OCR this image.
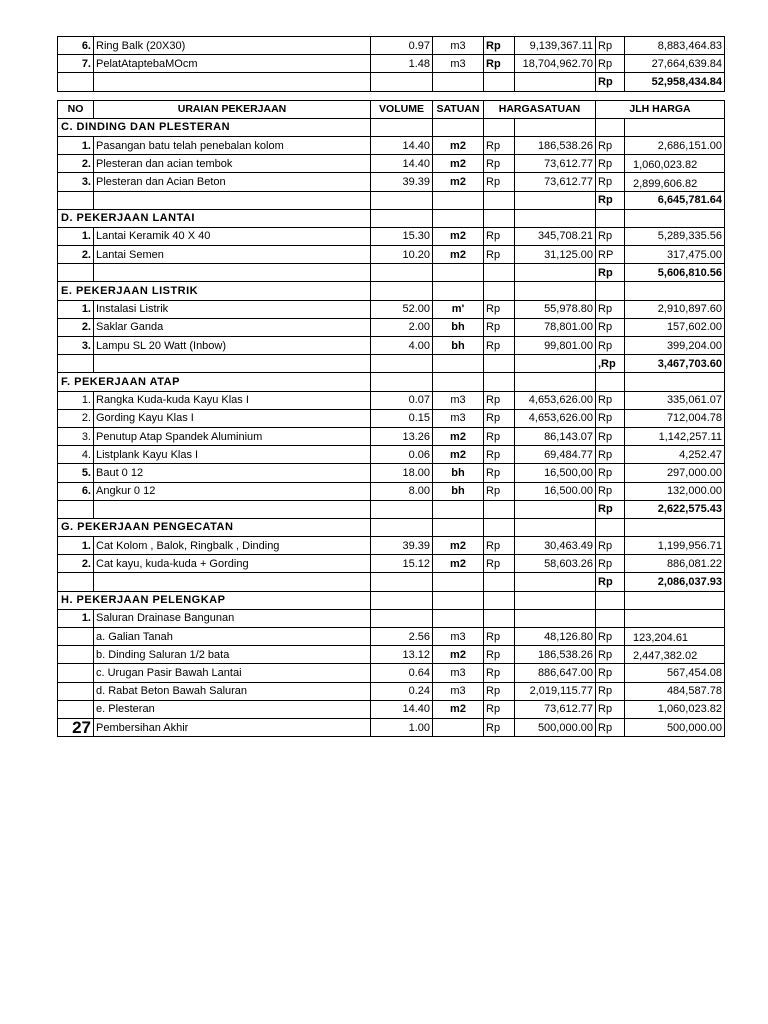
6.	Ring Balk (20X30)	0.97	m3	Rp	9,139,367.11	Rp	8,883,464.83
7.	PelatAtaptebaMOcm	1.48	m3	Rp	18,704,962.70	Rp	27,664,639.84
						Rp	52,958,434.84

NO	URAIAN PEKERJAAN	VOLUME	SATUAN	HARGASATUAN		JLH HARGA	
C. DINDING DAN PLESTERAN							
1.	Pasangan batu telah penebalan kolom	14.40	m2	Rp	186,538.26	Rp	2,686,151.00
2.	Plesteran dan acian tembok	14.40	m2	Rp	73,612.77	Rp	1,060,023.82
3.	Plesteran dan Acian Beton	39.39	m2	Rp	73,612.77	Rp	2,899,606.82
						Rp	6,645,781.64
D. PEKERJAAN LANTAI							
1.	Lantai Keramik 40 X 40	15.30	m2	Rp	345,708.21	Rp	5,289,335.56
2.	Lantai Semen	10.20	m2	Rp	31,125.00	RP	317,475.00
						Rp	5,606,810.56
E. PEKERJAAN LISTRIK							
1.	Instalasi Listrik	52.00	m'	Rp	55,978.80	Rp	2,910,897.60
2.	Saklar Ganda	2.00	bh	Rp	78,801.00	Rp	157,602.00
3.	Lampu SL 20 Watt (Inbow)	4.00	bh	Rp	99,801.00	Rp	399,204.00
						,Rp	3,467,703.60
F. PEKERJAAN ATAP							
1.	Rangka Kuda-kuda Kayu Klas I	0.07	m3	Rp	4,653,626.00	Rp	335,061.07
2.	Gording Kayu Klas I	0.15	m3	Rp	4,653,626.00	Rp	712,004.78
3.	Penutup Atap Spandek Aluminium	13.26	m2	Rp	86,143.07	Rp	1,142,257.11
4.	Listplank Kayu Klas I	0.06	m2	Rp	69,484.77	Rp	4,252.47
5.	Baut 0 12	18.00	bh	Rp	16,500,00	Rp	297,000.00
6.	Angkur 0 12	8.00	bh	Rp	16,500.00	Rp	132,000.00
						Rp	2,622,575.43
G. PEKERJAAN PENGECATAN							
1.	Cat Kolom , Balok, Ringbalk , Dinding	39.39	m2	Rp	30,463.49	Rp	1,199,956.71
2.	Cat kayu, kuda-kuda + Gording	15.12	m2	Rp	58,603.26	Rp	886,081.22
						Rp	2,086,037.93
H. PEKERJAAN PELENGKAP							
1.	Saluran Drainase Bangunan						
	a. Galian Tanah	2.56	m3	Rp	48,126.80	Rp	123,204.61
	b. Dinding Saluran 1/2 bata	13.12	m2	Rp	186,538.26	Rp	2,447,382.02
	c. Urugan Pasir Bawah Lantai	0.64	m3	Rp	886,647.00	Rp	567,454.08
	d. Rabat Beton Bawah Saluran	0.24	m3	Rp	2,019,115.77	Rp	484,587.78
	e. Plesteran	14.40	m2	Rp	73,612.77	Rp	1,060,023.82
27	Pembersihan Akhir	1.00		Rp	500,000.00	Rp	500,000.00
